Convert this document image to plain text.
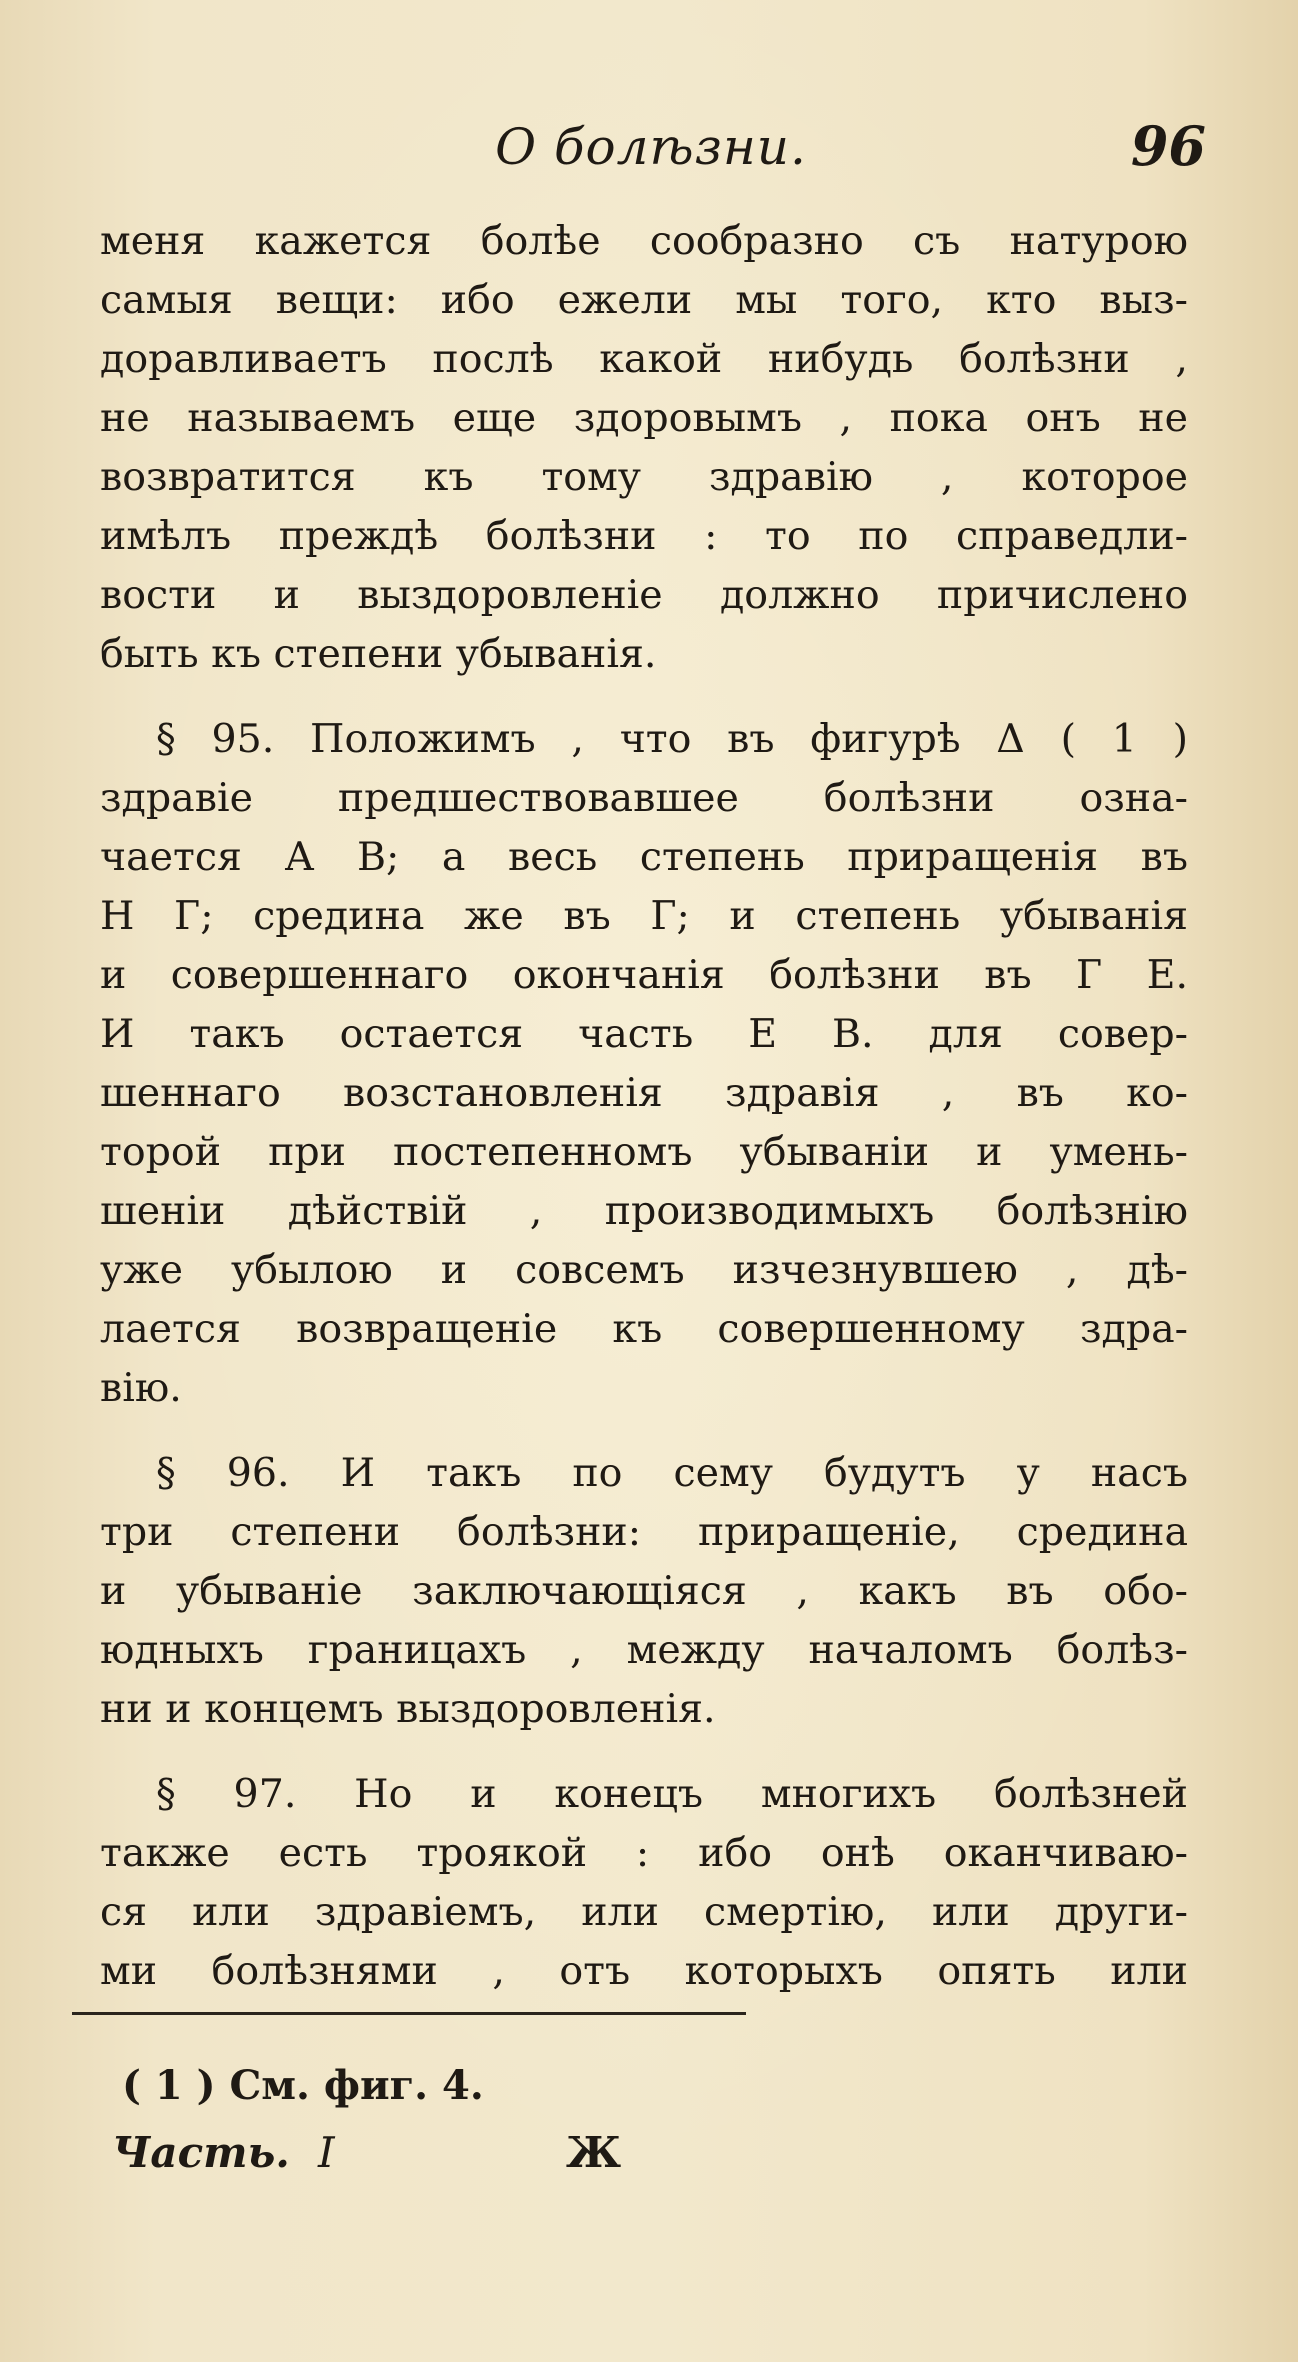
О болѣзни.	96
меня кажется болѣе сообразно съ натурою
самыя вещи: ибо ежели мы того, кто выз-
доравливаетъ послѣ какой нибудь болѣзни ,
не называемъ еще здоровымъ , пока онъ не
возвратится къ тому здравію , которое
имѣлъ преждѣ болѣзни : то по справедли-
вости и выздоровленіе должно причислено
быть къ степени убыванія.
§ 95. Положимъ , что въ фигурѣ Δ ( 1 )
здравіе предшествовавшее болѣзни озна-
чается А В; а весь степень приращенія въ
Н Г; средина же въ Г; и степень убыванія
и совершеннаго окончанія болѣзни въ Г Е.
И такъ остается часть Е В. для совер-
шеннаго возстановленія здравія , въ ко-
торой при постепенномъ убываніи и умень-
шеніи дѣйствій , производимыхъ болѣзнію
уже убылою и совсемъ изчезнувшею , дѣ-
лается возвращеніе къ совершенному здра-
вію.
§ 96. И такъ по сему будутъ у насъ
три степени болѣзни: приращеніе, средина
и убываніе заключающіяся , какъ въ обо-
юдныхъ границахъ , между началомъ болѣз-
ни и концемъ выздоровленія.
§ 97. Но и конецъ многихъ болѣзней
также есть троякой : ибо онѣ оканчиваю-
ся или здравіемъ, или смертію, или други-
ми болѣзнями , отъ которыхъ опять или
( 1 ) См. фиг. 4.
Часть. I	Ж
